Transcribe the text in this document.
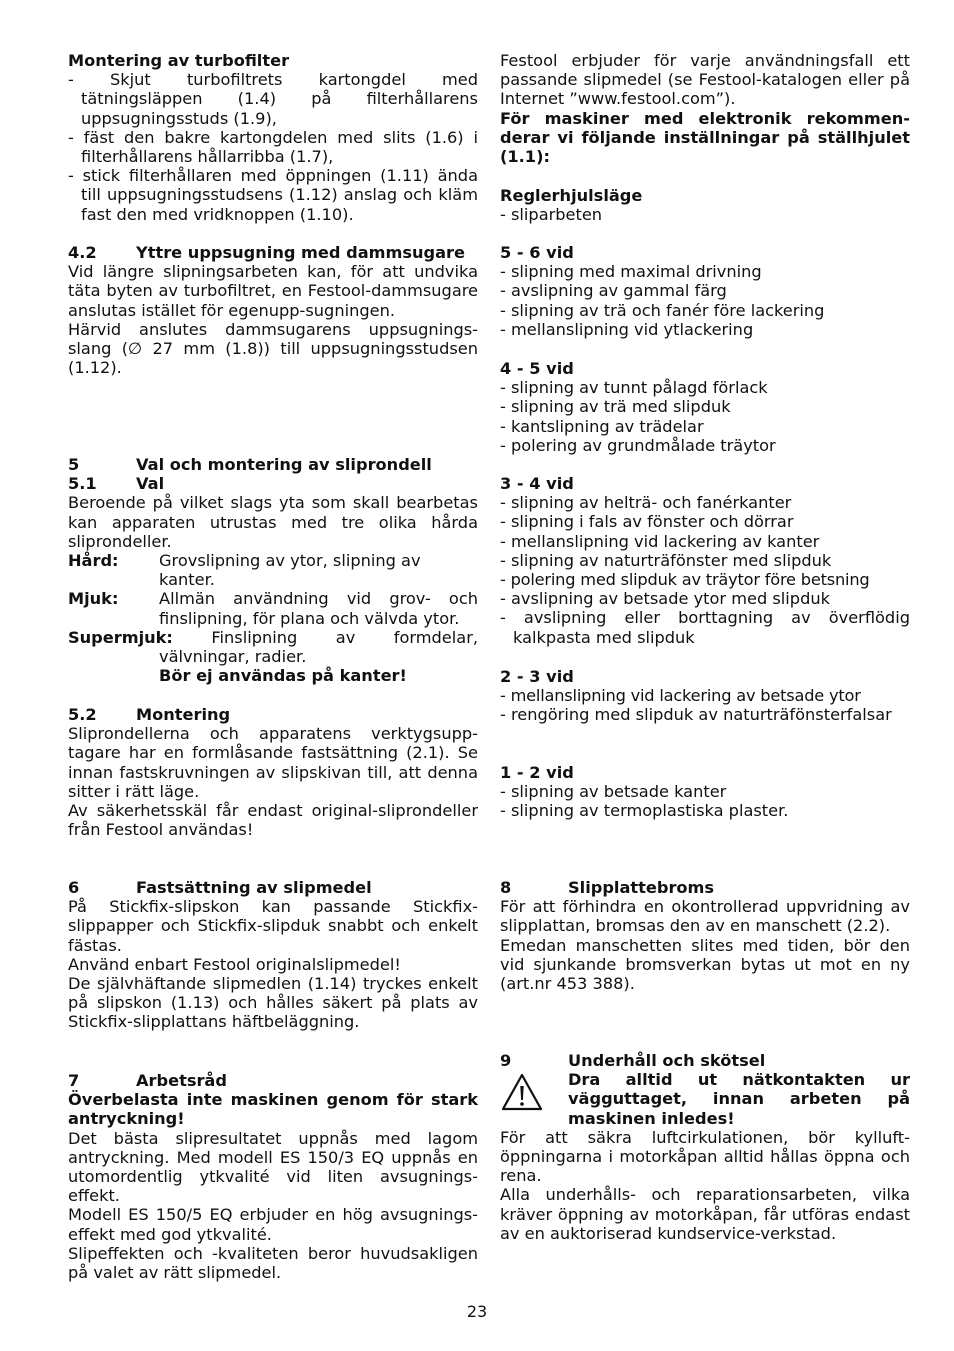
Montering av turbofilter

- Skjut turbofiltrets kartongdel med tätningsläppen (1.4) på filterhållarens uppsugningsstuds (1.9),
- fäst den bakre kartongdelen med slits (1.6) i filterhållarens hållarribba (1.7),
- stick filterhållaren med öppningen (1.11) ända till uppsugningsstudsens (1.12) anslag och kläm fast den med vridknoppen (1.10).
4.2	Yttre uppsugning med dammsugare

Vid längre slipningsarbeten kan, för att undvika täta byten av turbofiltret, en Festool-dammsugare anslutas istället för egenupp-sugningen.

Härvid anslutes dammsugarens uppsugnings-slang (∅ 27 mm (1.8)) till uppsugningsstudsen (1.12).

5	Val och montering av sliprondell
5.1	Val

Beroende på vilket slags yta som skall bearbetas kan apparaten utrustas med tre olika hårda sliprondeller.

Hård:	Grovslipning av ytor, slipning av kanter.
Mjuk:	Allmän användning vid grov- och finslipning, för plana och välvda ytor.

Supermjuk: Finslipning av formdelar,

välvningar, radier.

Bör ej användas på kanter!

5.2	Montering

Sliprondellerna och apparatens verktygsupp-tagare har en formlåsande fastsättning (2.1). Se innan fastskruvningen av slipskivan till, att denna sitter i rätt läge.

Av säkerhetsskäl får endast original-sliprondeller från Festool användas!

6	Fastsättning av slipmedel

På Stickfix-slipskon kan passande Stickfix-slippapper och Stickfix-slipduk snabbt och enkelt fästas.

Använd enbart Festool originalslipmedel!

De självhäftande slipmedlen (1.14) tryckes enkelt på slipskon (1.13) och hålles säkert på plats av Stickfix-slipplattans häftbeläggning.

7	Arbetsråd

Överbelasta inte maskinen genom för stark antryckning!

Det bästa slipresultatet uppnås med lagom antryckning. Med modell ES 150/3 EQ uppnås en utomordentlig ytkvalité vid liten avsugnings-effekt.

Modell ES 150/5 EQ erbjuder en hög avsugnings-effekt med god ytkvalité.

Slipeffekten och -kvaliteten beror huvudsakligen på valet av rätt slipmedel.

Festool erbjuder för varje användningsfall ett passande slipmedel (se Festool-katalogen eller på Internet ”www.festool.com”).

För maskiner med elektronik rekommen-derar vi följande inställningar på ställhjulet (1.1):

Reglerhjulsläge

- sliparbeten

5 - 6 vid

- slipning med maximal drivning
- avslipning av gammal färg
- slipning av trä och fanér före lackering
- mellanslipning vid ytlackering

4 - 5 vid

- slipning av tunnt pålagd förlack
- slipning av trä med slipduk
- kantslipning av trädelar
- polering av grundmålade träytor

3 - 4 vid

- slipning av helträ- och fanérkanter
- slipning i fals av fönster och dörrar
- mellanslipning vid lackering av kanter
- slipning av naturträfönster med slipduk
- polering med slipduk av träytor före betsning
- avslipning av betsade ytor med slipduk
- avslipning eller borttagning av överflödig kalkpasta med slipduk

2 - 3 vid

- mellanslipning vid lackering av betsade ytor
- rengöring med slipduk av naturträfönsterfalsar

1 - 2 vid

- slipning av betsade kanter
- slipning av termoplastiska plaster.
8	Slipplattebroms

För att förhindra en okontrollerad uppvridning av slipplattan, bromsas den av en manschett (2.2).

Emedan manschetten slites med tiden, bör den vid sjunkande bromsverkan bytas ut mot en ny (art.nr 453 388).

9	Underhåll och skötsel

Dra alltid ut nätkontakten ur vägguttaget, innan arbeten på maskinen inledes!

För att säkra luftcirkulationen, bör kylluft-öppningarna i motorkåpan alltid hållas öppna och rena.

Alla underhålls- och reparationsarbeten, vilka kräver öppning av motorkåpan, får utföras endast av en auktoriserad kundservice-verkstad.

23
